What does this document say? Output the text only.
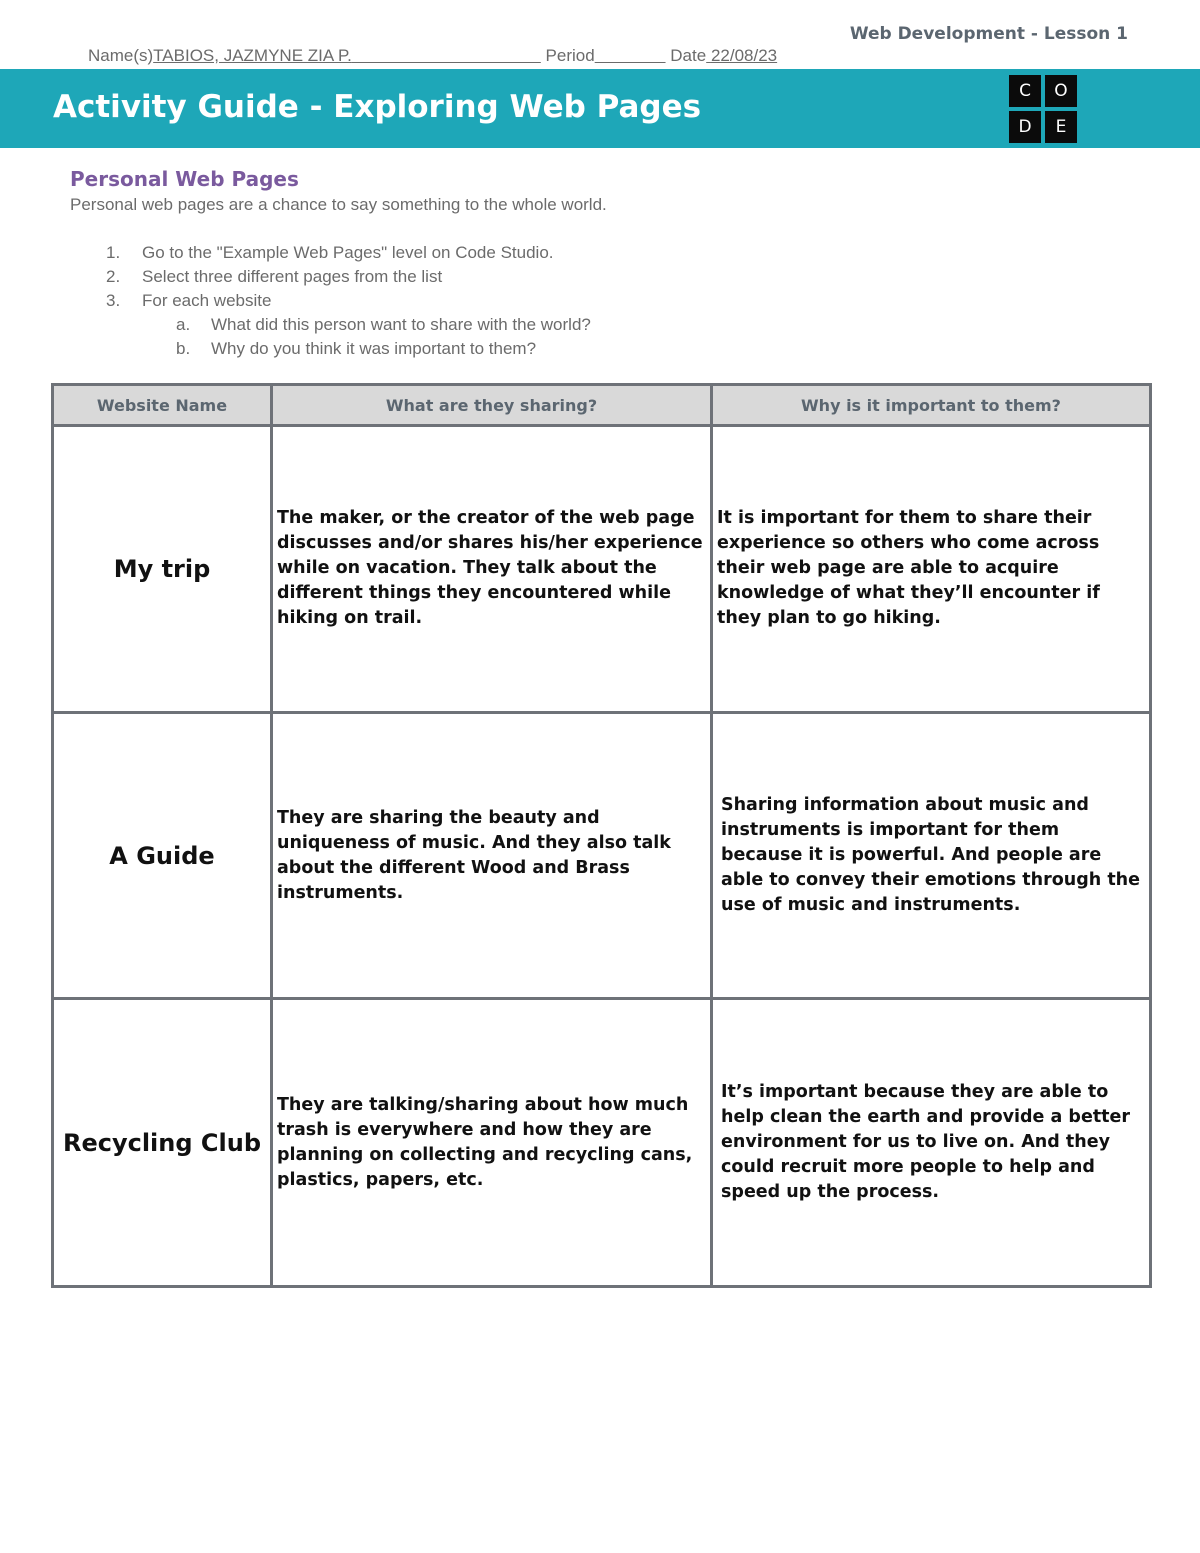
Web Development - Lesson 1
Name(s)TABIOS, JAZMYNE ZIA P.	Period	Date 22/08/23
Activity Guide - Exploring Web Pages	C	O
D	E
Personal Web Pages
Personal web pages are a chance to say something to the whole world.
1. Go to the "Example Web Pages" level on Code Studio.
2. Select three different pages from the list
3. For each website
a. What did this person want to share with the world?
b. Why do you think it was important to them?
Website Name	What are they sharing?	Why is it important to them?
My trip	The maker, or the creator of the web page discusses and/or shares his/her experience while on vacation. They talk about the different things they encountered while hiking on trail.	It is important for them to share their experience so others who come across their web page are able to acquire knowledge of what they’ll encounter if they plan to go hiking.
A Guide	They are sharing the beauty and uniqueness of music. And they also talk about the different Wood and Brass instruments.	Sharing information about music and instruments is important for them because it is powerful. And people are able to convey their emotions through the use of music and instruments.
Recycling Club	They are talking/sharing about how much trash is everywhere and how they are planning on collecting and recycling cans, plastics, papers, etc.	It’s important because they are able to help clean the earth and provide a better environment for us to live on. And they could recruit more people to help and speed up the process.
